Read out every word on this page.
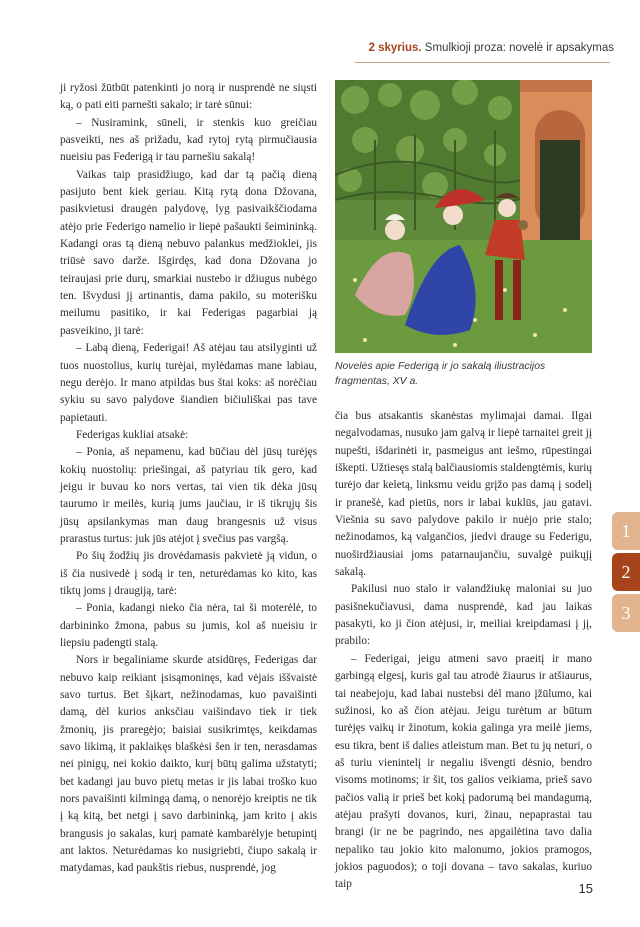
2 skyrius. Smulkioji proza: novelė ir apsakymas

ji ryžosi žūtbūt patenkinti jo norą ir nusprendė ne siųsti ką, o pati eiti parnešti sakalo; ir tarė sūnui:

– Nusiramink, sūneli, ir stenkis kuo greičiau pasveikti, nes aš prižadu, kad rytoj rytą pirmučiausia nueisiu pas Federigą ir tau parnešiu sakalą!

Vaikas taip prasidžiugo, kad dar tą pačią dieną pasijuto bent kiek geriau. Kitą rytą dona Džovana, pasikvietusi draugėn palydovę, lyg pasivaikščiodama atėjo prie Federigo namelio ir liepė pašaukti šeimininką. Kadangi oras tą dieną nebuvo palankus medžioklei, jis triūsė savo darže. Išgirdęs, kad dona Džovana jo teiraujasi prie durų, smarkiai nustebo ir džiugus nubėgo ten. Išvydusi jį artinantis, dama pakilo, su moterišku meilumu pasitiko, ir kai Federigas pagarbiai ją pasveikino, ji tarė:

– Labą dieną, Federigai! Aš atėjau tau atsilyginti už tuos nuostolius, kurių turėjai, mylėdamas mane labiau, negu derėjo. Ir mano atpildas bus štai koks: aš norėčiau sykiu su savo palydove šiandien bičiuliškai pas tave papietauti.

Federigas kukliai atsakė:

– Ponia, aš nepamenu, kad būčiau dėl jūsų turėjęs kokių nuostolių: priešingai, aš patyriau tik gero, kad jeigu ir buvau ko nors vertas, tai vien tik dėka jūsų taurumo ir meilės, kurią jums jaučiau, ir iš tikrųjų šis jūsų apsilankymas man daug brangesnis už visus prarastus turtus: juk jūs atėjot į svečius pas vargšą.

Po šių žodžių jis drovėdamasis pakvietė ją vidun, o iš čia nusivedė į sodą ir ten, neturėdamas ko kito, kas tiktų joms į draugiją, tarė:

– Ponia, kadangi nieko čia nėra, tai ši moterėlė, to darbininko žmona, pabus su jumis, kol aš nueisiu ir liepsiu padengti stalą.

Nors ir begaliniame skurde atsidūręs, Federigas dar nebuvo kaip reikiant įsisąmoninęs, kad vėjais iššvaistė savo turtus. Bet šįkart, nežinodamas, kuo pavaišinti damą, dėl kurios anksčiau vaišindavo tiek ir tiek žmonių, jis praregėjo; baisiai susikrimtęs, keikdamas savo likimą, it paklaikęs blaškėsi šen ir ten, nerasdamas nei pinigų, nei kokio daikto, kurį būtų galima užstatyti; bet kadangi jau buvo pietų metas ir jis labai troško kuo nors pavaišinti kilmingą damą, o nenorėjo kreiptis ne tik į ką kitą, bet netgi į savo darbininką, jam krito į akis brangusis jo sakalas, kurį pamatė kambarėlyje betupintį ant laktos. Neturėdamas ko nusigriebti, čiupo sakalą ir matydamas, kad paukštis riebus, nusprendė, jog

Novelės apie Federigą ir jo sakalą iliustracijos fragmentas, XV a.

čia bus atsakantis skanėstas mylimajai damai. Ilgai negalvodamas, nusuko jam galvą ir liepė tarnaitei greit jį nupešti, išdarinėti ir, pasmeigus ant iešmo, rūpestingai iškepti. Užtiesęs stalą balčiausiomis staldengtėmis, kurių turėjo dar keletą, linksmu veidu grįžo pas damą į sodelį ir pranešė, kad pietūs, nors ir labai kuklūs, jau gatavi. Viešnia su savo palydove pakilo ir nuėjo prie stalo; nežinodamos, ką valgančios, jiedvi drauge su Federigu, nuoširdžiausiai joms patarnaujančiu, suvalgė puikųjį sakalą.

Pakilusi nuo stalo ir valandžiukę maloniai su juo pasišnekučiavusi, dama nusprendė, kad jau laikas pasakyti, ko ji čion atėjusi, ir, meiliai kreipdamasi į jį, prabilo:

– Federigai, jeigu atmeni savo praeitį ir mano garbingą elgesį, kuris gal tau atrodė žiaurus ir atšiaurus, tai neabejoju, kad labai nustebsi dėl mano įžūlumo, kai sužinosi, ko aš čion atėjau. Jeigu turėtum ar būtum turėjęs vaikų ir žinotum, kokia galinga yra meilė jiems, esu tikra, bent iš dalies atleistum man. Bet tu jų neturi, o aš turiu vienintelį ir negaliu išvengti dėsnio, bendro visoms motinoms; ir šit, tos galios veikiama, prieš savo pačios valią ir prieš bet kokį padorumą bei mandagumą, atėjau prašyti dovanos, kuri, žinau, nepaprastai tau brangi (ir ne be pagrindo, nes apgailėtina tavo dalia nepaliko tau jokio kito malonumo, jokios pramogos, jokios paguodos); o toji dovana – tavo sakalas, kuriuo taip

1
2
3
15
